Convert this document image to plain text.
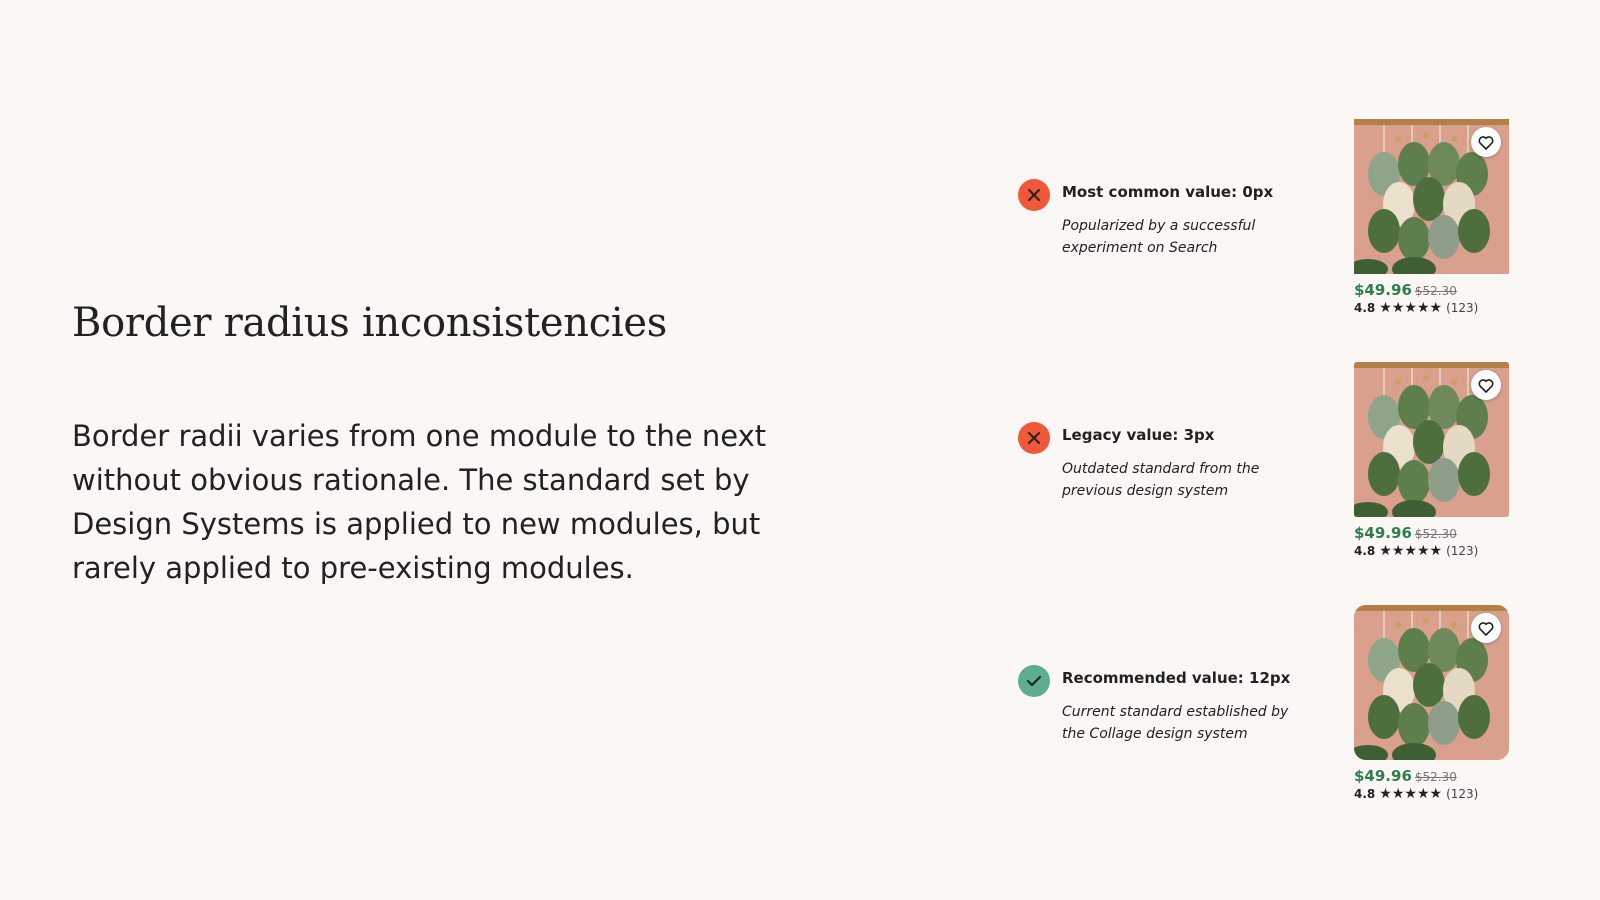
Border radius inconsistencies

Border radii varies from one module to the next without obvious rationale. The standard set by Design Systems is applied to new modules, but rarely applied to pre-existing modules.

Most common value: 0px

Popularized by a successful experiment on Search

$49.96 $52.30
4.8 ★ ★ ★ ★ ★ (123)

Legacy value: 3px

Outdated standard from the previous design system

$49.96 $52.30
4.8 ★ ★ ★ ★ ★ (123)

Recommended value: 12px

Current standard established by the Collage design system

$49.96 $52.30
4.8 ★ ★ ★ ★ ★ (123)
